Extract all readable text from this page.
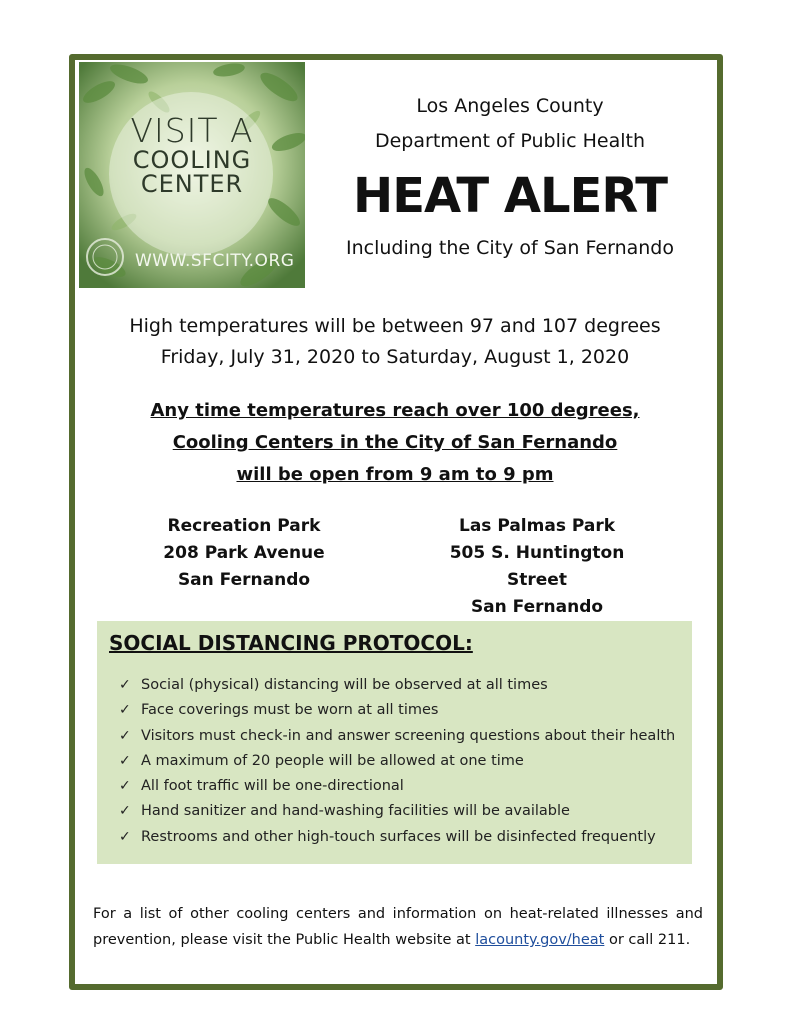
VISIT A
COOLING
CENTER
WWW.SFCITY.ORG
Los Angeles County
Department of Public Health
HEAT ALERT
Including the City of San Fernando
High temperatures will be between 97 and 107 degrees
Friday, July 31, 2020 to Saturday, August 1, 2020
Any time temperatures reach over 100 degrees,
Cooling Centers in the City of San Fernando
will be open from 9 am to 9 pm
Recreation Park
208 Park Avenue
San Fernando
Las Palmas Park
505 S. Huntington Street
San Fernando
SOCIAL DISTANCING PROTOCOL:
✓ Social (physical) distancing will be observed at all times
✓ Face coverings must be worn at all times
✓ Visitors must check-in and answer screening questions about their health
✓ A maximum of 20 people will be allowed at one time
✓ All foot traffic will be one-directional
✓ Hand sanitizer and hand-washing facilities will be available
✓ Restrooms and other high-touch surfaces will be disinfected frequently
For a list of other cooling centers and information on heat-related illnesses and prevention, please visit the Public Health website at lacounty.gov/heat or call 211.
